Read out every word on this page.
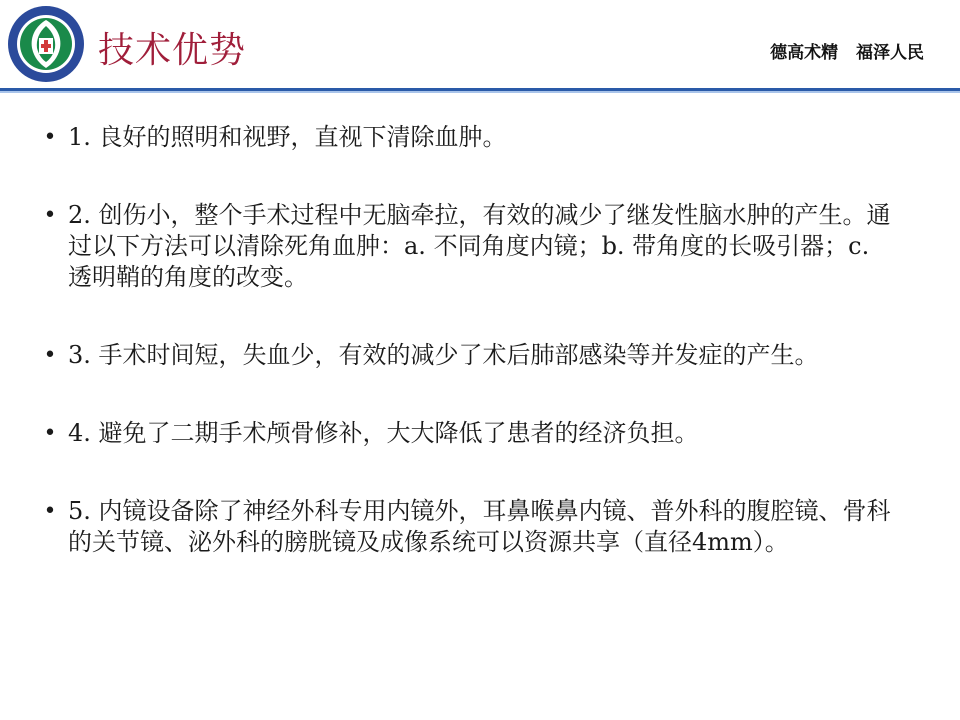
技术优势	德高术精 福泽人民
• 1. 良好的照明和视野，直视下清除血肿。
• 2. 创伤小，整个手术过程中无脑牵拉，有效的减少了继发性脑水肿的产生。通过以下方法可以清除死角血肿：a. 不同角度内镜；b. 带角度的长吸引器；c. 透明鞘的角度的改变。
• 3. 手术时间短，失血少，有效的减少了术后肺部感染等并发症的产生。
• 4. 避免了二期手术颅骨修补，大大降低了患者的经济负担。
• 5. 内镜设备除了神经外科专用内镜外，耳鼻喉鼻内镜、普外科的腹腔镜、骨科的关节镜、泌外科的膀胱镜及成像系统可以资源共享（直径4mm）。
